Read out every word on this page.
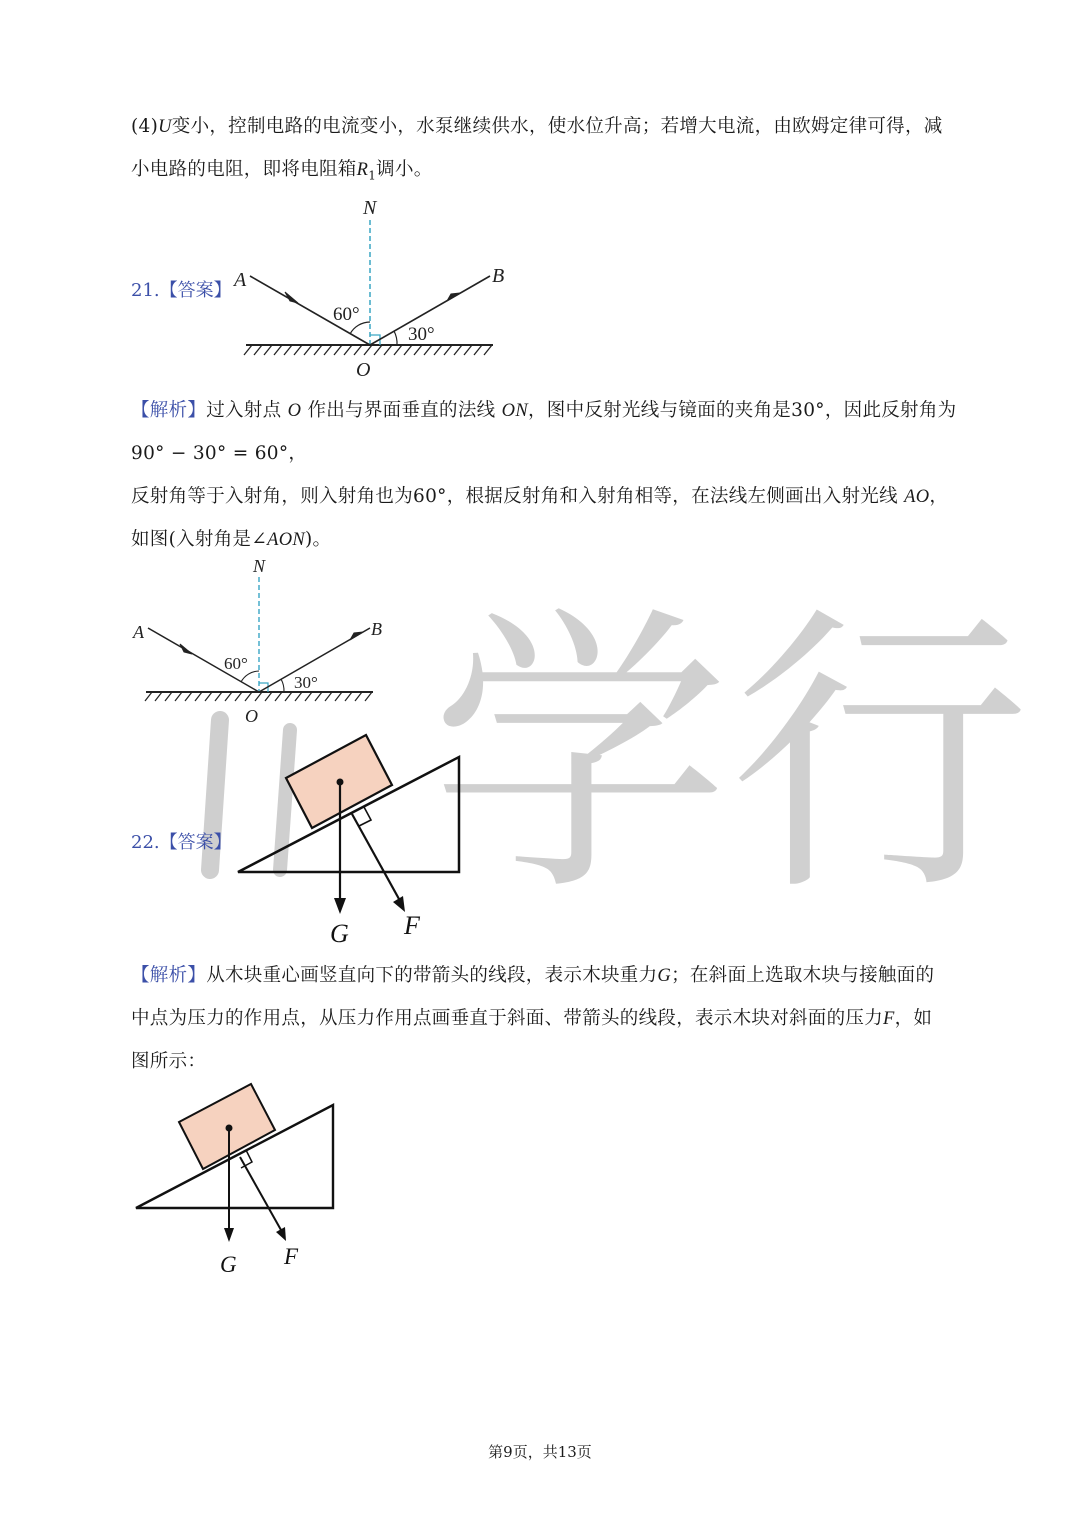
学行
(4)U变小，控制电路的电流变小，水泵继续供水，使水位升高；若增大电流，由欧姆定律可得，减
小电路的电阻，即将电阻箱$R_1$调小。
21.【答案】
N
A	B
O
60°
30°
【解析】过入射点 O 作出与界面垂直的法线 ON，图中反射光线与镜面的夹角是30°，因此反射角为
90° − 30° = 60°，
反射角等于入射角，则入射角也为60°，根据反射角和入射角相等，在法线左侧画出入射光线 AO，
如图(入射角是∠AON)。
N
A	B
O
60°
30°
22.【答案】
G F
【解析】从木块重心画竖直向下的带箭头的线段，表示木块重力G；在斜面上选取木块与接触面的
中点为压力的作用点，从压力作用点画垂直于斜面、带箭头的线段，表示木块对斜面的压力F，如
图所示：
G F
第9页，共13页
